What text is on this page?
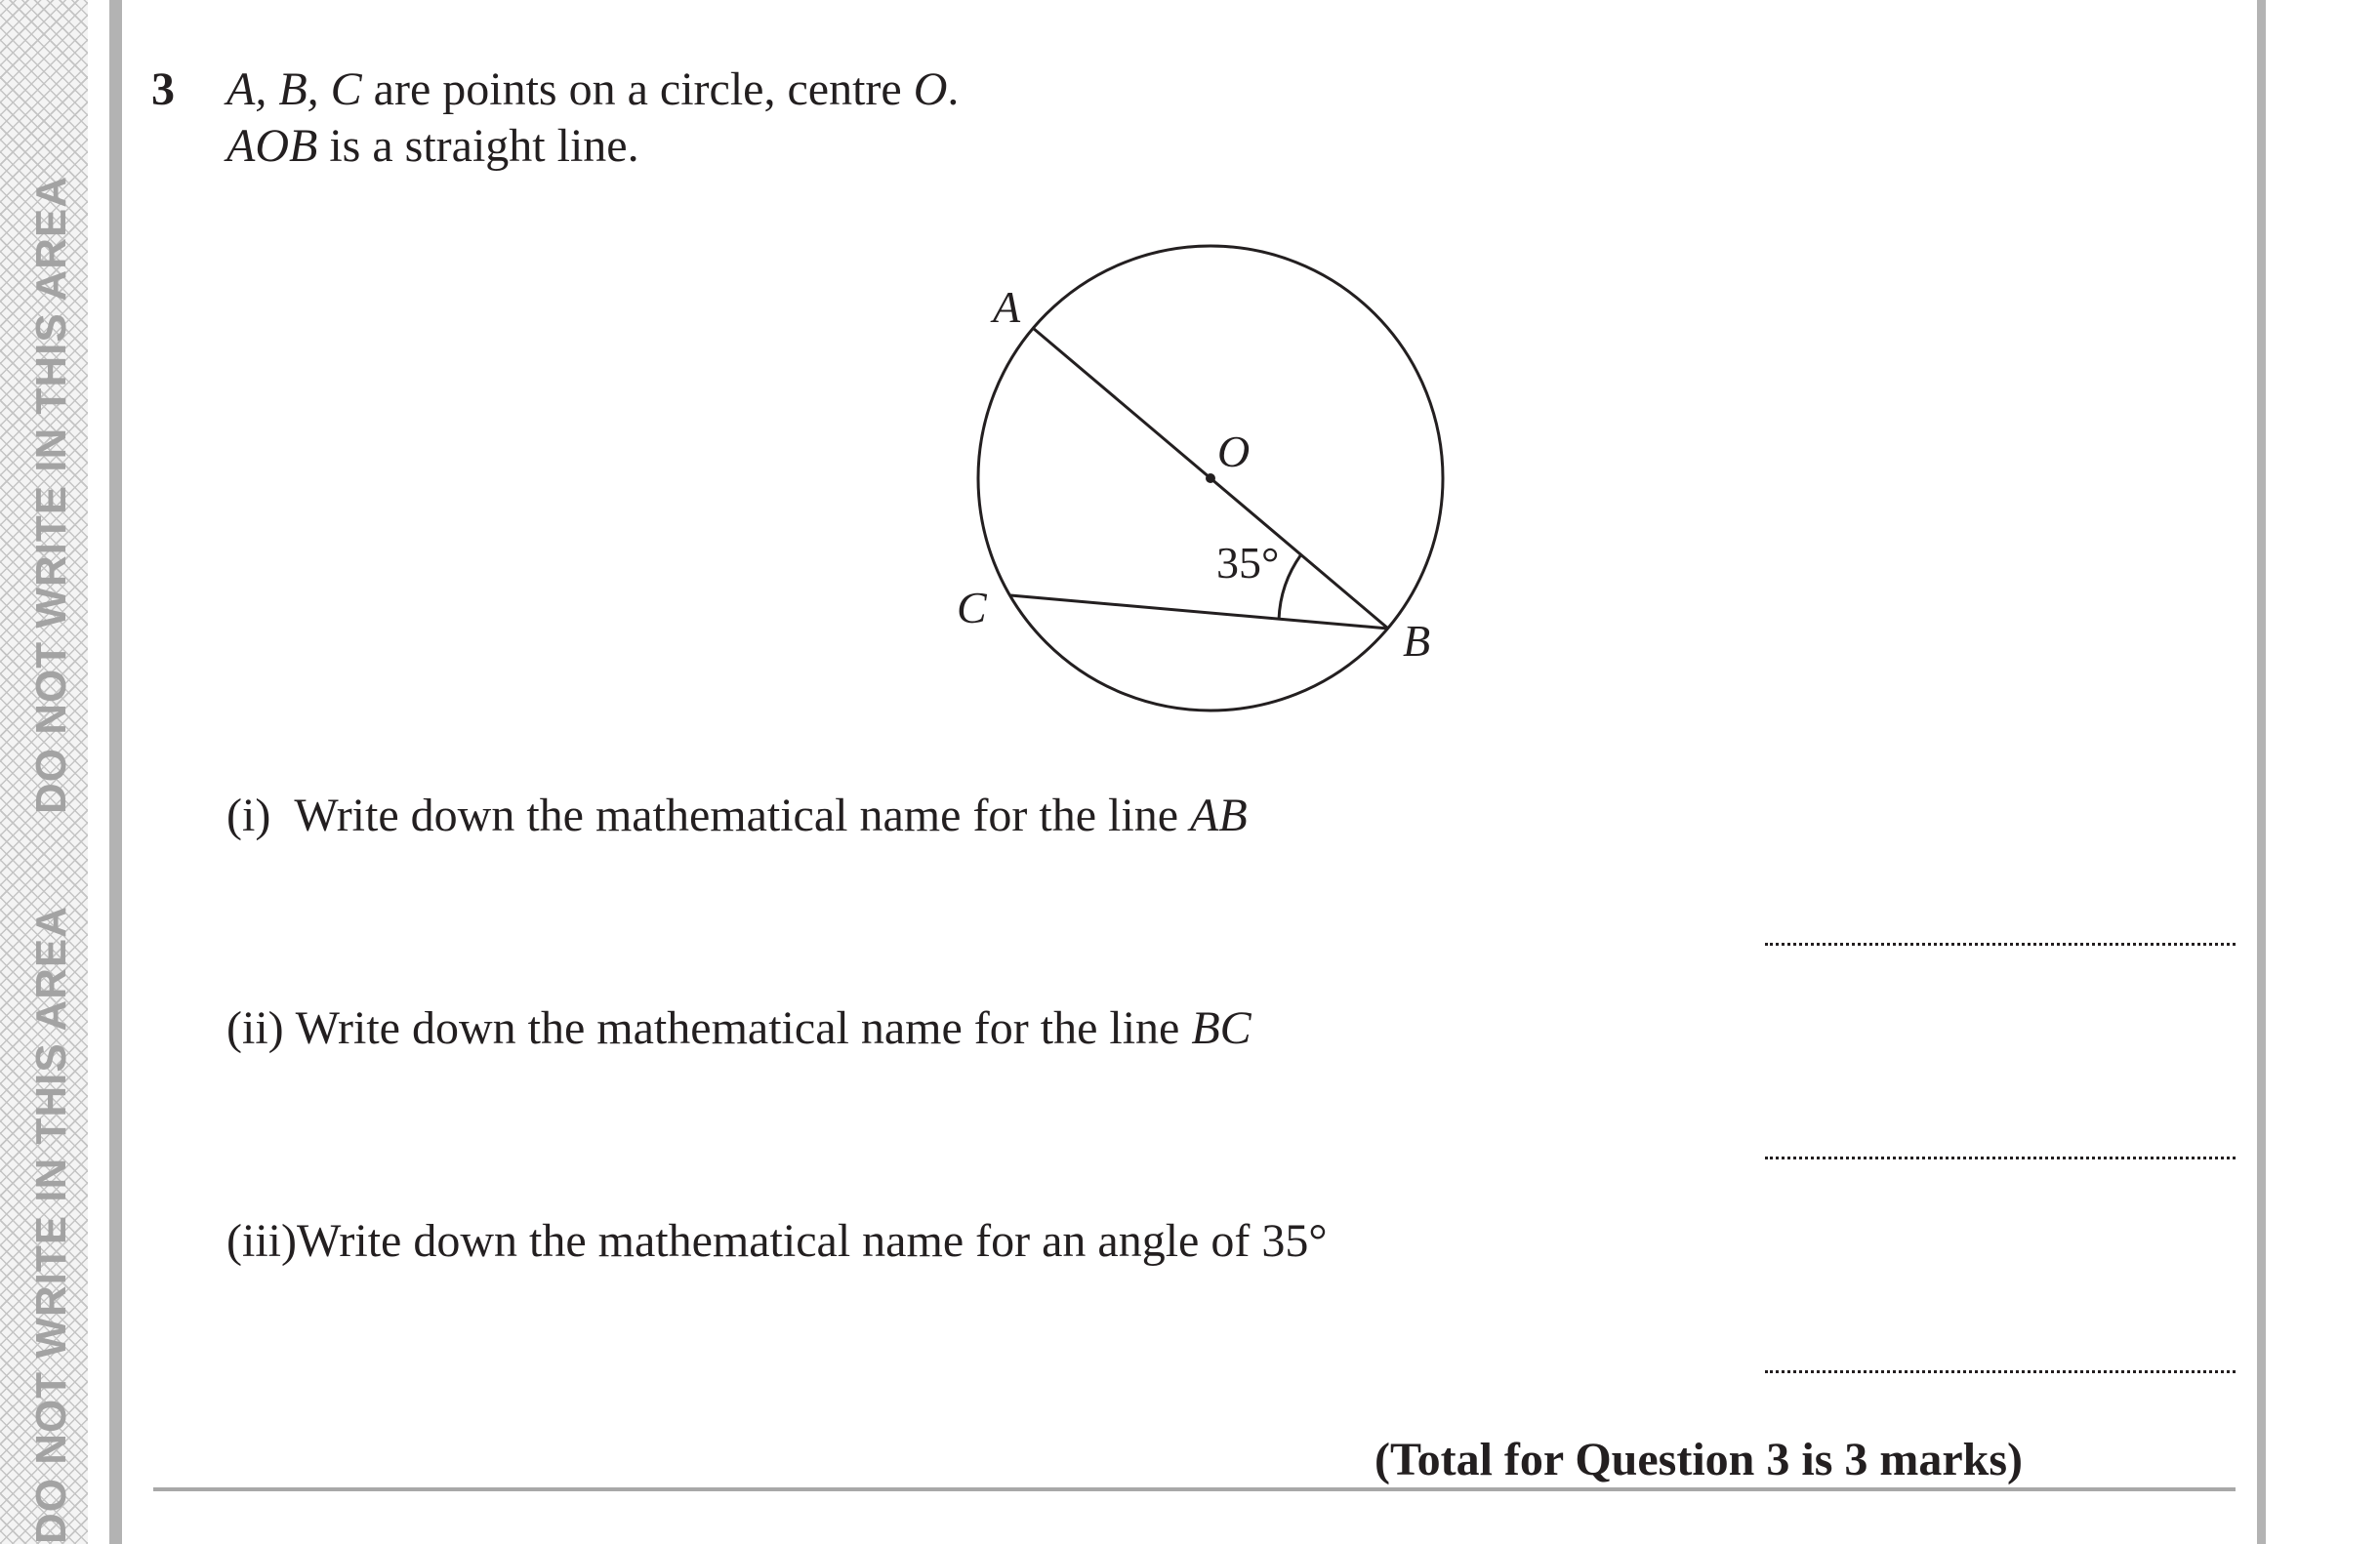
DO NOT WRITE IN THIS AREA
DO NOT WRITE IN THIS AREA
3 A, B, C are points on a circle, centre O.
AOB is a straight line.
A
O
35°
C
B
(i) Write down the mathematical name for the line AB
(ii) Write down the mathematical name for the line BC
(iii)Write down the mathematical name for an angle of 35°
(Total for Question 3 is 3 marks)
